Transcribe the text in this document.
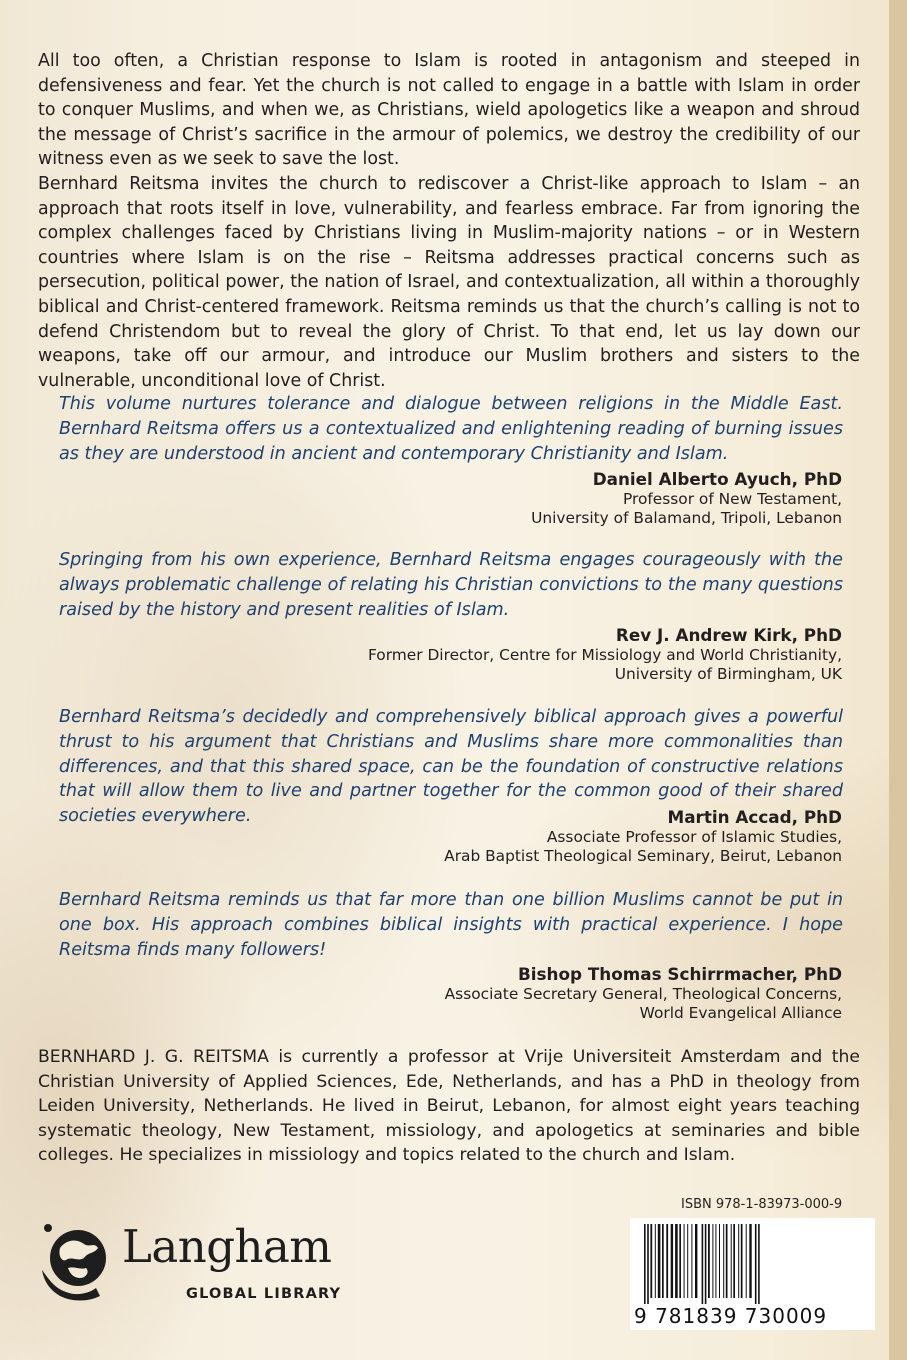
All too often, a Christian response to Islam is rooted in antagonism and steeped in defensiveness and fear. Yet the church is not called to engage in a battle with Islam in order to conquer Muslims, and when we, as Christians, wield apologetics like a weapon and shroud the message of Christ’s sacrifice in the armour of polemics, we destroy the credibility of our witness even as we seek to save the lost.

Bernhard Reitsma invites the church to rediscover a Christ-like approach to Islam – an approach that roots itself in love, vulnerability, and fearless embrace. Far from ignoring the complex challenges faced by Christians living in Muslim-majority nations – or in Western countries where Islam is on the rise – Reitsma addresses practical concerns such as persecution, political power, the nation of Israel, and contextualization, all within a thoroughly biblical and Christ-centered framework. Reitsma reminds us that the church’s calling is not to defend Christendom but to reveal the glory of Christ. To that end, let us lay down our weapons, take off our armour, and introduce our Muslim brothers and sisters to the vulnerable, unconditional love of Christ.

This volume nurtures tolerance and dialogue between religions in the Middle East. Bernhard Reitsma offers us a contextualized and enlightening reading of burning issues as they are understood in ancient and contemporary Christianity and Islam.

Daniel Alberto Ayuch, PhD

Professor of New Testament,

University of Balamand, Tripoli, Lebanon

Springing from his own experience, Bernhard Reitsma engages courageously with the always problematic challenge of relating his Christian convictions to the many questions raised by the history and present realities of Islam.

Rev J. Andrew Kirk, PhD

Former Director, Centre for Missiology and World Christianity,

University of Birmingham, UK

Bernhard Reitsma’s decidedly and comprehensively biblical approach gives a powerful thrust to his argument that Christians and Muslims share more commonalities than differences, and that this shared space, can be the foundation of constructive relations that will allow them to live and partner together for the common good of their shared societies everywhere.	Martin Accad, PhD

Associate Professor of Islamic Studies,

Arab Baptist Theological Seminary, Beirut, Lebanon

Bernhard Reitsma reminds us that far more than one billion Muslims cannot be put in one box. His approach combines biblical insights with practical experience. I hope Reitsma finds many followers!

Bishop Thomas Schirrmacher, PhD

Associate Secretary General, Theological Concerns,

World Evangelical Alliance

BERNHARD J. G. REITSMA is currently a professor at Vrije Universiteit Amsterdam and the Christian University of Applied Sciences, Ede, Netherlands, and has a PhD in theology from Leiden University, Netherlands. He lived in Beirut, Lebanon, for almost eight years teaching systematic theology, New Testament, missiology, and apologetics at seminaries and bible colleges. He specializes in missiology and topics related to the church and Islam.

Langham

GLOBAL LIBRARY

ISBN 978-1-83973-000-9

9 781839 730009
